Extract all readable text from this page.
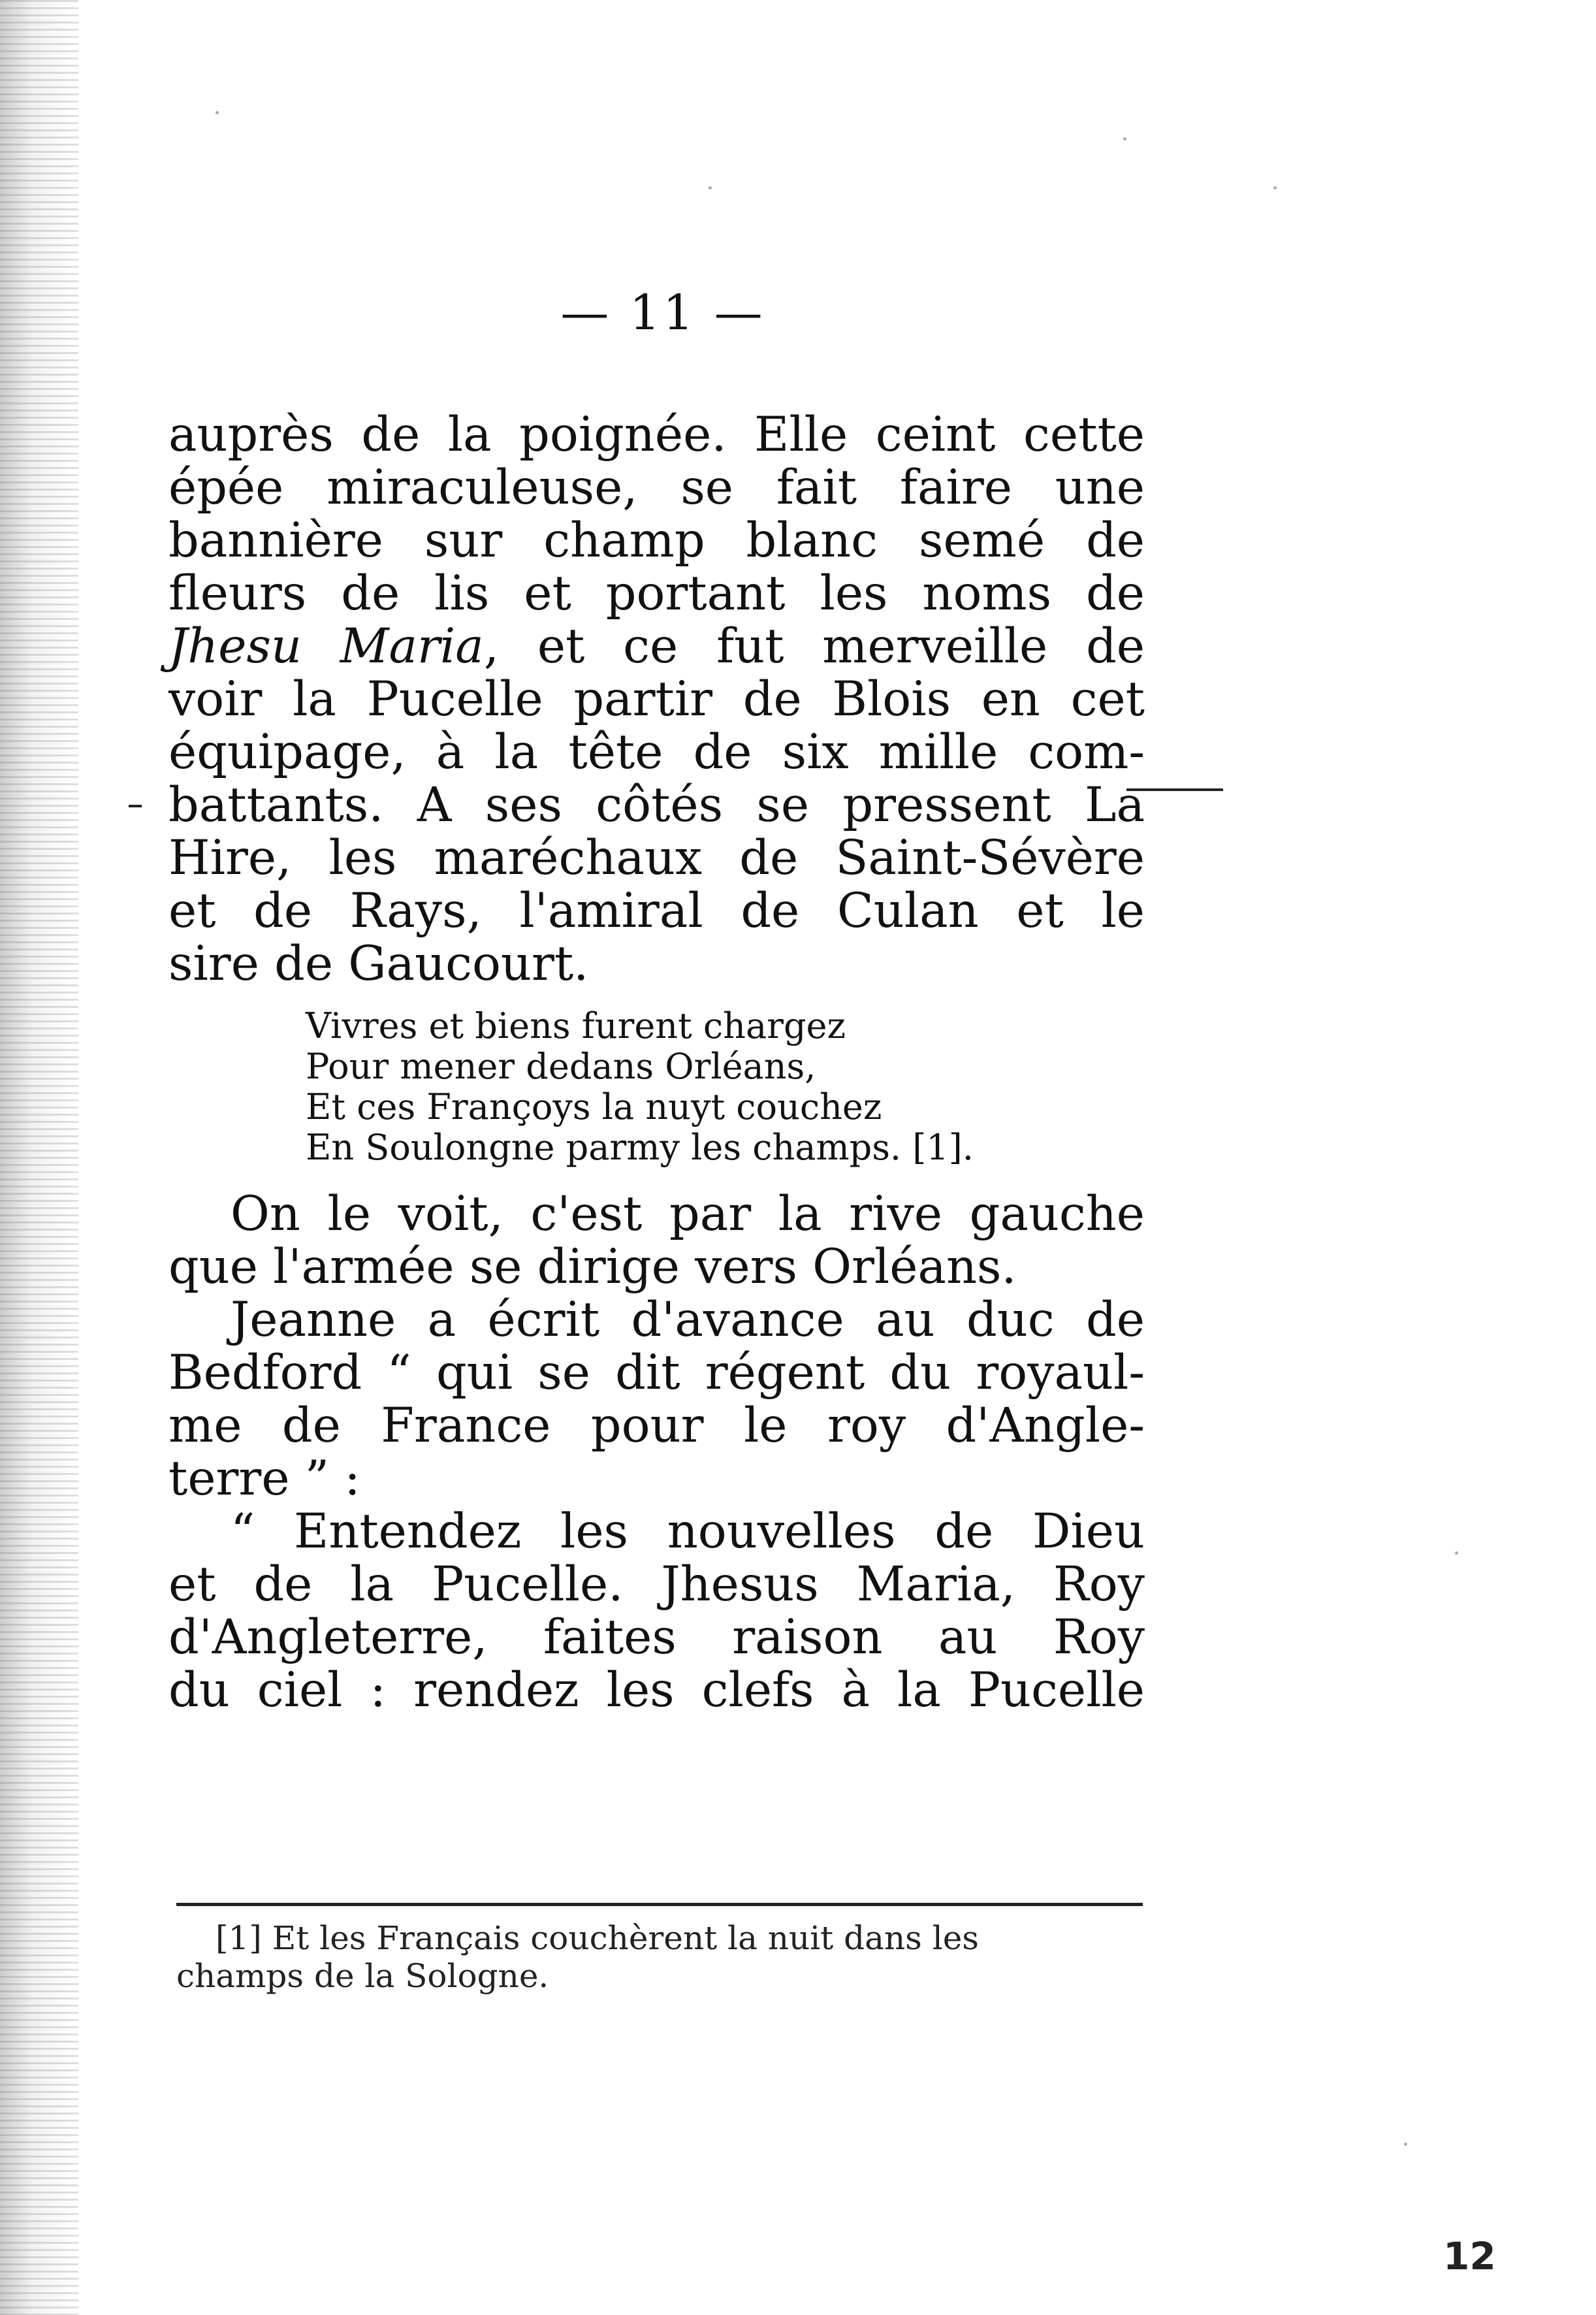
— 11 —
auprès de la poignée. Elle ceint cette
épée miraculeuse, se fait faire une
bannière sur champ blanc semé de
fleurs de lis et portant les noms de
Jhesu Maria, et ce fut merveille de
voir la Pucelle partir de Blois en cet
équipage, à la tête de six mille com-
battants. A ses côtés se pressent La
Hire, les maréchaux de Saint-Sévère
et de Rays, l'amiral de Culan et le
sire de Gaucourt.
Vivres et biens furent chargez
Pour mener dedans Orléans,
Et ces Françoys la nuyt couchez
En Soulongne parmy les champs. [1].
On le voit, c'est par la rive gauche
que l'armée se dirige vers Orléans.
Jeanne a écrit d'avance au duc de
Bedford “ qui se dit régent du royaul-
me de France pour le roy d'Angle-
terre ” :
“ Entendez les nouvelles de Dieu
et de la Pucelle. Jhesus Maria, Roy
d'Angleterre, faites raison au Roy
du ciel : rendez les clefs à la Pucelle
[1] Et les Français couchèrent la nuit dans les
champs de la Sologne.
12
